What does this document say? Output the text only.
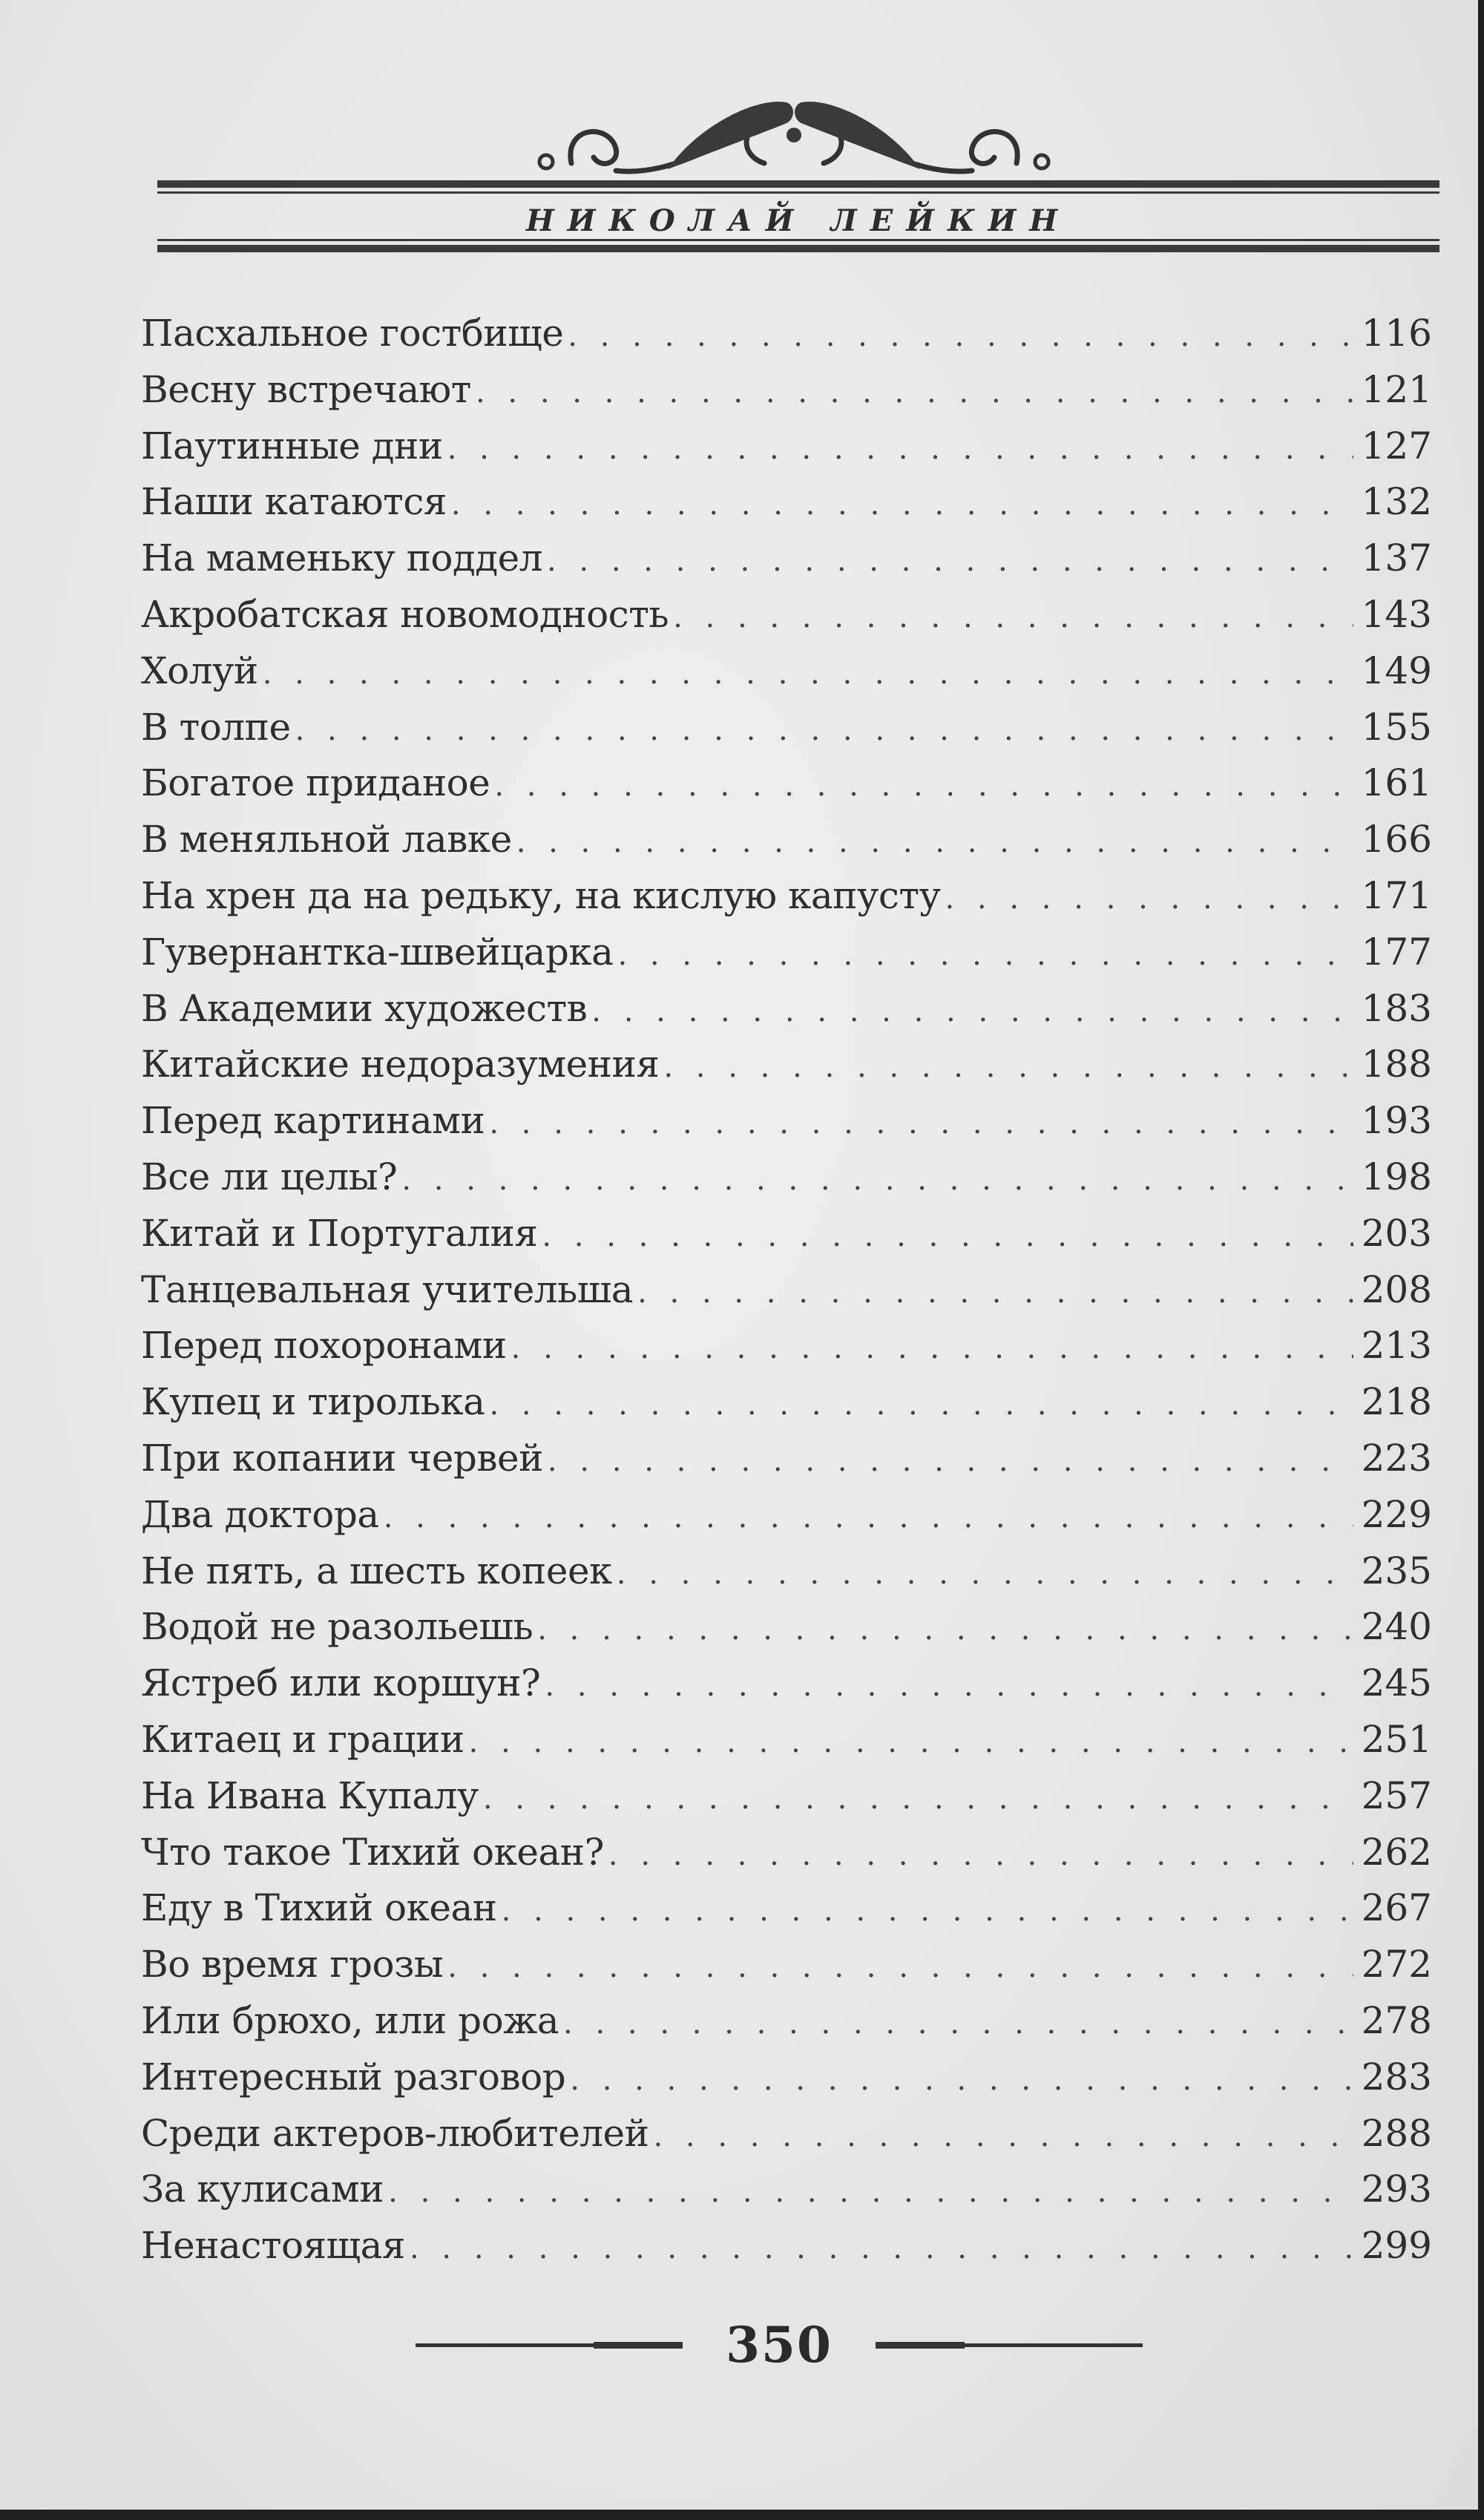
НИКОЛАЙ ЛЕЙКИН
Пасхальное гостбище . . .	116
Весну встречают . . .	121
Паутинные дни . . .	127
Наши катаются . . .	132
На маменьку поддел . . .	137
Акробатская новомодность . . .	143
Холуй . . .	149
В толпе . . .	155
Богатое приданое . . .	161
В меняльной лавке . . .	166
На хрен да на редьку, на кислую капусту . . .	171
Гувернантка-швейцарка . . .	177
В Академии художеств . . .	183
Китайские недоразумения . . .	188
Перед картинами . . .	193
Все ли целы? . . .	198
Китай и Португалия . . .	203
Танцевальная учительша . . .	208
Перед похоронами . . .	213
Купец и тиролька . . .	218
При копании червей . . .	223
Два доктора . . .	229
Не пять, а шесть копеек . . .	235
Водой не разольешь . . .	240
Ястреб или коршун? . . .	245
Китаец и грации . . .	251
На Ивана Купалу . . .	257
Что такое Тихий океан? . . .	262
Еду в Тихий океан . . .	267
Во время грозы . . .	272
Или брюхо, или рожа . . .	278
Интересный разговор . . .	283
Среди актеров-любителей . . .	288
За кулисами . . .	293
Ненастоящая . . .	299
350
